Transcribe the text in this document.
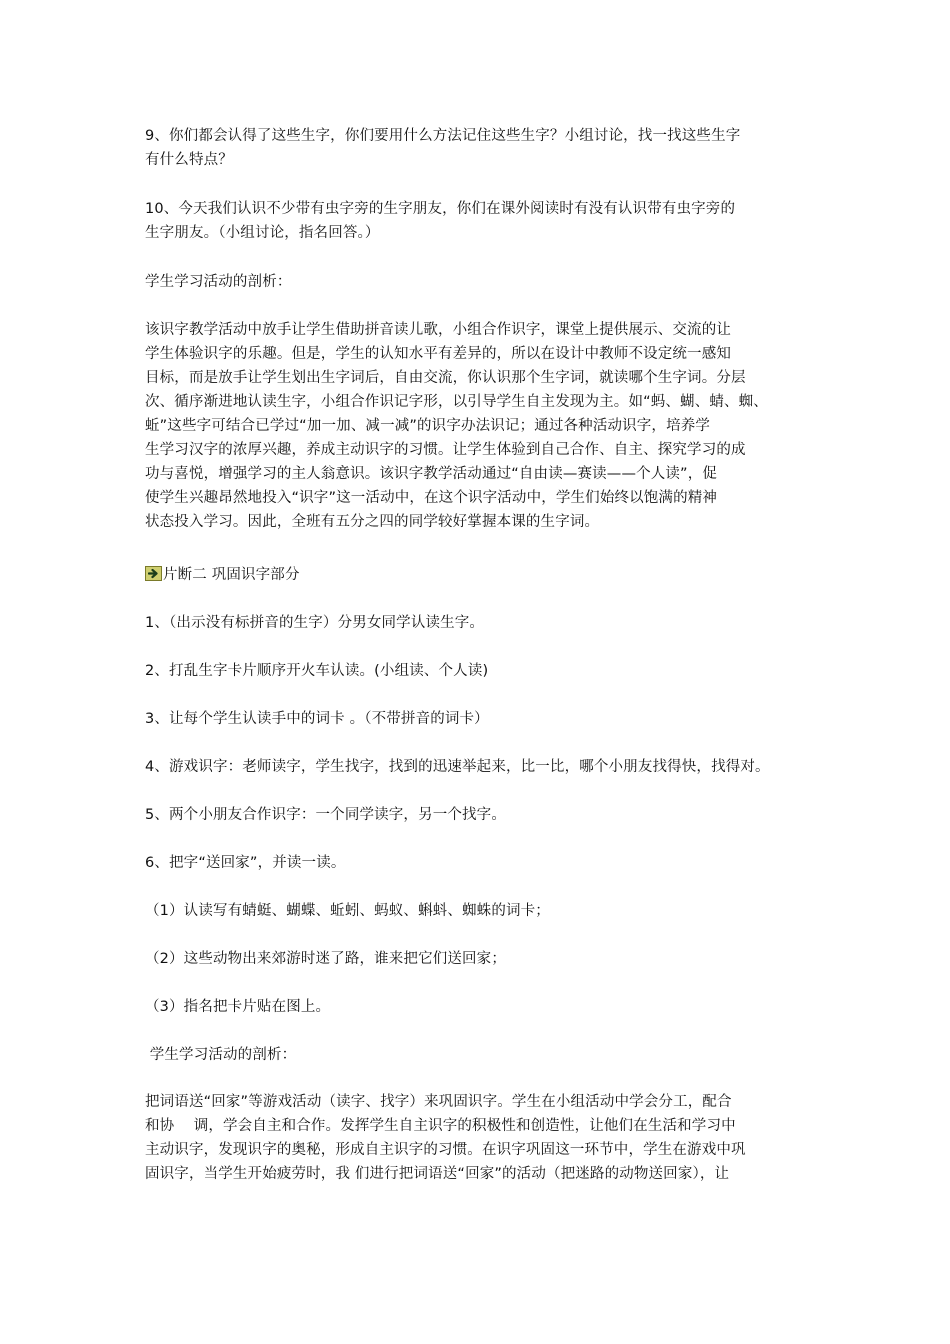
9、你们都会认得了这些生字，你们要用什么方法记住这些生字？小组讨论，找一找这些生字
有什么特点？
10、今天我们认识不少带有虫字旁的生字朋友，你们在课外阅读时有没有认识带有虫字旁的
生字朋友。（小组讨论，指名回答。）
学生学习活动的剖析：
该识字教学活动中放手让学生借助拼音读儿歌，小组合作识字，课堂上提供展示、交流的让
学生体验识字的乐趣。但是，学生的认知水平有差异的，所以在设计中教师不设定统一感知
目标，而是放手让学生划出生字词后，自由交流，你认识那个生字词，就读哪个生字词。分层
次、循序渐进地认读生字，小组合作识记字形，以引导学生自主发现为主。如“蚂、蝴、蜻、蜘、
蚯”这些字可结合已学过“加一加、减一减”的识字办法识记；通过各种活动识字，培养学
生学习汉字的浓厚兴趣，养成主动识字的习惯。让学生体验到自己合作、自主、探究学习的成
功与喜悦，增强学习的主人翁意识。该识字教学活动通过“自由读—赛读——个人读”，促
使学生兴趣昂然地投入“识字”这一活动中，在这个识字活动中，学生们始终以饱满的精神
状态投入学习。因此，全班有五分之四的同学较好掌握本课的生字词。
片断二 巩固识字部分
1、（出示没有标拼音的生字）分男女同学认读生字。
2、打乱生字卡片顺序开火车认读。(小组读、个人读)
3、让每个学生认读手中的词卡 。（不带拼音的词卡）
4、游戏识字：老师读字，学生找字，找到的迅速举起来，比一比，哪个小朋友找得快，找得对。
5、两个小朋友合作识字：一个同学读字，另一个找字。
6、把字“送回家”，并读一读。
（1）认读写有蜻蜓、蝴蝶、蚯蚓、蚂蚁、蝌蚪、蜘蛛的词卡；
（2）这些动物出来郊游时迷了路，谁来把它们送回家；
（3）指名把卡片贴在图上。
学生学习活动的剖析：
把词语送“回家”等游戏活动（读字、找字）来巩固识字。学生在小组活动中学会分工，配合
和协　 调，学会自主和合作。发挥学生自主识字的积极性和创造性，让他们在生活和学习中
主动识字，发现识字的奥秘，形成自主识字的习惯。在识字巩固这一环节中，学生在游戏中巩
固识字，当学生开始疲劳时，我 们进行把词语送“回家”的活动（把迷路的动物送回家），让
